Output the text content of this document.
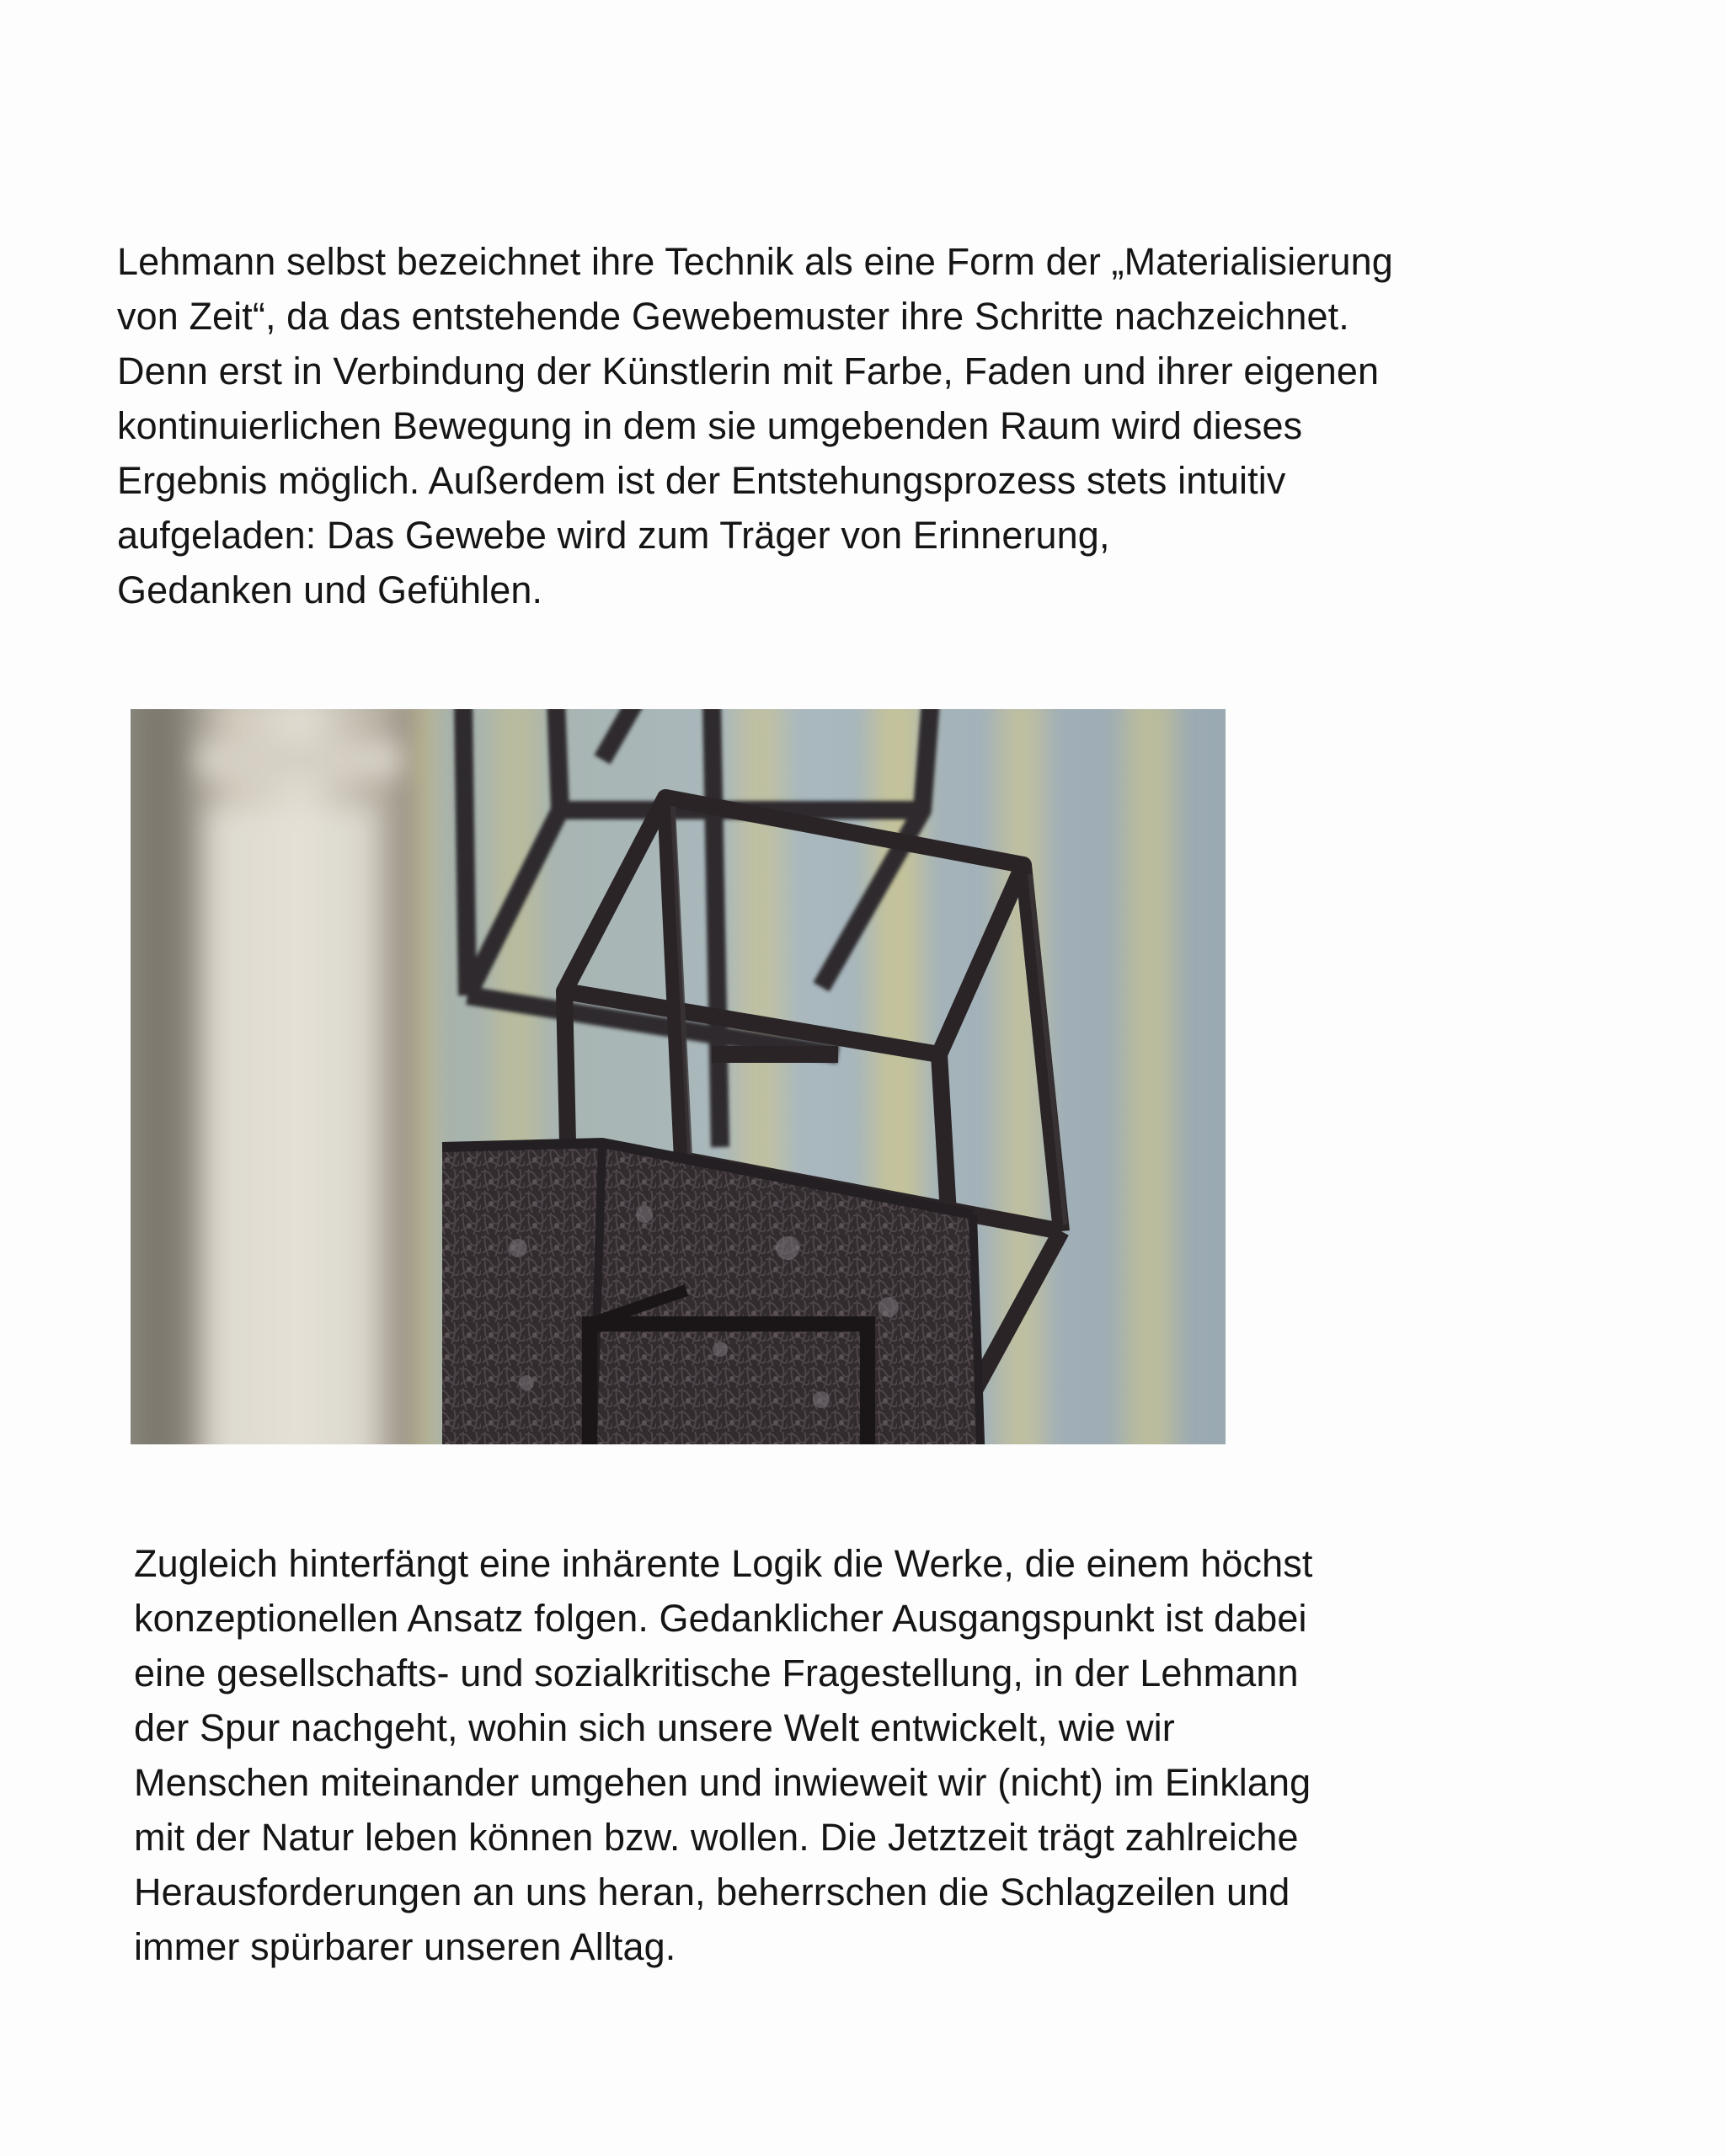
Lehmann selbst bezeichnet ihre Technik als eine Form der „Materialisierung
von Zeit“, da das entstehende Gewebemuster ihre Schritte nachzeichnet.
Denn erst in Verbindung der Künstlerin mit Farbe, Faden und ihrer eigenen
kontinuierlichen Bewegung in dem sie umgebenden Raum wird dieses
Ergebnis möglich. Außerdem ist der Entstehungsprozess stets intuitiv
aufgeladen: Das Gewebe wird zum Träger von Erinnerung,
Gedanken und Gefühlen.

Zugleich hinterfängt eine inhärente Logik die Werke, die einem höchst
konzeptionellen Ansatz folgen. Gedanklicher Ausgangspunkt ist dabei
eine gesellschafts- und sozialkritische Fragestellung, in der Lehmann
der Spur nachgeht, wohin sich unsere Welt entwickelt, wie wir
Menschen miteinander umgehen und inwieweit wir (nicht) im Einklang
mit der Natur leben können bzw. wollen. Die Jetztzeit trägt zahlreiche
Herausforderungen an uns heran, beherrschen die Schlagzeilen und
immer spürbarer unseren Alltag.
